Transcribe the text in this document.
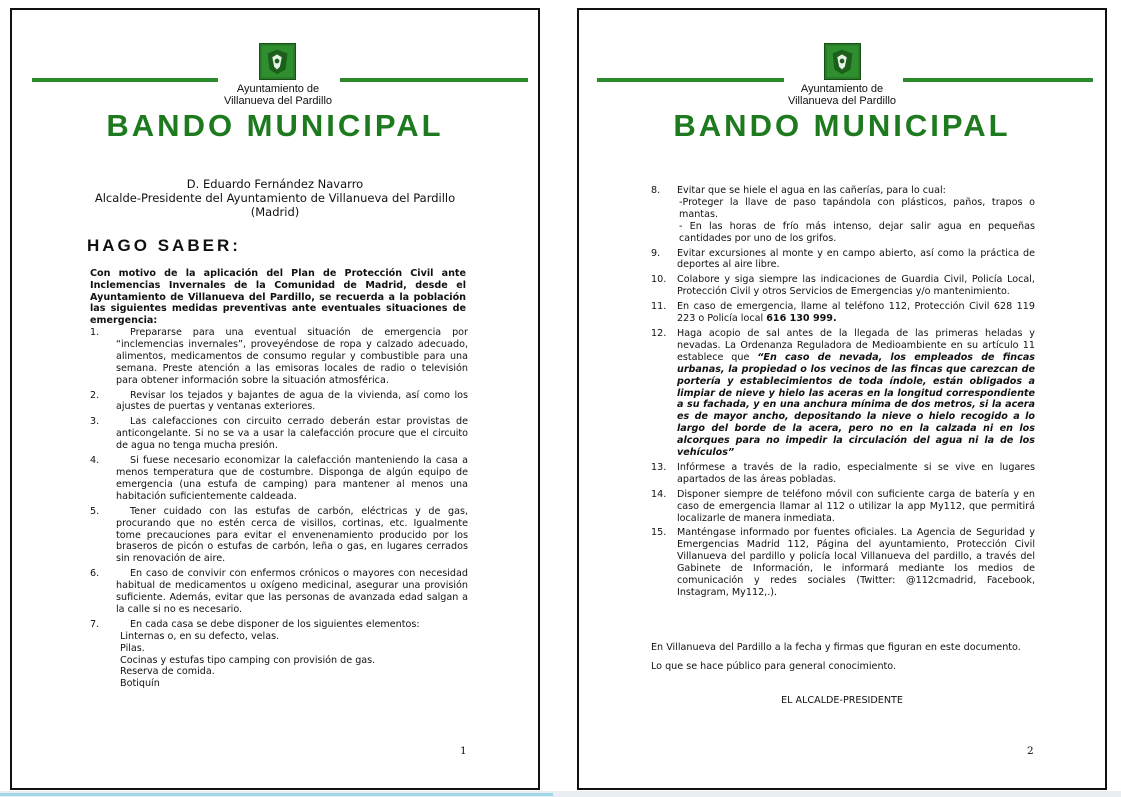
Ayuntamiento de
Villanueva del Pardillo
BANDO MUNICIPAL
D. Eduardo Fernández Navarro
Alcalde-Presidente del Ayuntamiento de Villanueva del Pardillo
(Madrid)
HAGO SABER:
Con motivo de la aplicación del Plan de Protección Civil ante Inclemencias Invernales de la Comunidad de Madrid, desde el Ayuntamiento de Villanueva del Pardillo, se recuerda a la población las siguientes medidas preventivas ante eventuales situaciones de emergencia:
1.	Prepararse para una eventual situación de emergencia por “inclemencias invernales”, proveyéndose de ropa y calzado adecuado, alimentos, medicamentos de consumo regular y combustible para una semana. Preste atención a las emisoras locales de radio o televisión para obtener información sobre la situación atmosférica.
2.	Revisar los tejados y bajantes de agua de la vivienda, así como los ajustes de puertas y ventanas exteriores.
3.	Las calefacciones con circuito cerrado deberán estar provistas de anticongelante. Si no se va a usar la calefacción procure que el circuito de agua no tenga mucha presión.
4.	Si fuese necesario economizar la calefacción manteniendo la casa a menos temperatura que de costumbre. Disponga de algún equipo de emergencia (una estufa de camping) para mantener al menos una habitación suficientemente caldeada.
5.	Tener cuidado con las estufas de carbón, eléctricas y de gas, procurando que no estén cerca de visillos, cortinas, etc. Igualmente tome precauciones para evitar el envenenamiento producido por los braseros de picón o estufas de carbón, leña o gas, en lugares cerrados sin renovación de aire.
6.	En caso de convivir con enfermos crónicos o mayores con necesidad habitual de medicamentos u oxígeno medicinal, asegurar una provisión suficiente. Además, evitar que las personas de avanzada edad salgan a la calle si no es necesario.
7.	En cada casa se debe disponer de los siguientes elementos:
Linternas o, en su defecto, velas.
Pilas.
Cocinas y estufas tipo camping con provisión de gas.
Reserva de comida.
Botiquín
1
Ayuntamiento de
Villanueva del Pardillo
BANDO MUNICIPAL
8.	Evitar que se hiele el agua en las cañerías, para lo cual:
-Proteger la llave de paso tapándola con plásticos, paños, trapos o mantas.
- En las horas de frío más intenso, dejar salir agua en pequeñas cantidades por uno de los grifos.
9.	Evitar excursiones al monte y en campo abierto, así como la práctica de deportes al aire libre.
10.	Colabore y siga siempre las indicaciones de Guardia Civil, Policía Local, Protección Civil y otros Servicios de Emergencias y/o mantenimiento.
11.	En caso de emergencia, llame al teléfono 112, Protección Civil 628 119 223 o Policía local 616 130 999.
12.	Haga acopio de sal antes de la llegada de las primeras heladas y nevadas. La Ordenanza Reguladora de Medioambiente en su artículo 11 establece que “En caso de nevada, los empleados de fincas urbanas, la propiedad o los vecinos de las fincas que carezcan de portería y establecimientos de toda índole, están obligados a limpiar de nieve y hielo las aceras en la longitud correspondiente a su fachada, y en una anchura mínima de dos metros, si la acera es de mayor ancho, depositando la nieve o hielo recogido a lo largo del borde de la acera, pero no en la calzada ni en los alcorques para no impedir la circulación del agua ni la de los vehículos”
13.	Infórmese a través de la radio, especialmente si se vive en lugares apartados de las áreas pobladas.
14.	Disponer siempre de teléfono móvil con suficiente carga de batería y en caso de emergencia llamar al 112 o utilizar la app My112, que permitirá localizarle de manera inmediata.
15.	Manténgase informado por fuentes oficiales. La Agencia de Seguridad y Emergencias Madrid 112, Página del ayuntamiento, Protección Civil Villanueva del pardillo y policía local Villanueva del pardillo, a través del Gabinete de Información, le informará mediante los medios de comunicación y redes sociales (Twitter: @112cmadrid, Facebook, Instagram, My112,.).
En Villanueva del Pardillo a la fecha y firmas que figuran en este documento.
Lo que se hace público para general conocimiento.
EL ALCALDE-PRESIDENTE
2
